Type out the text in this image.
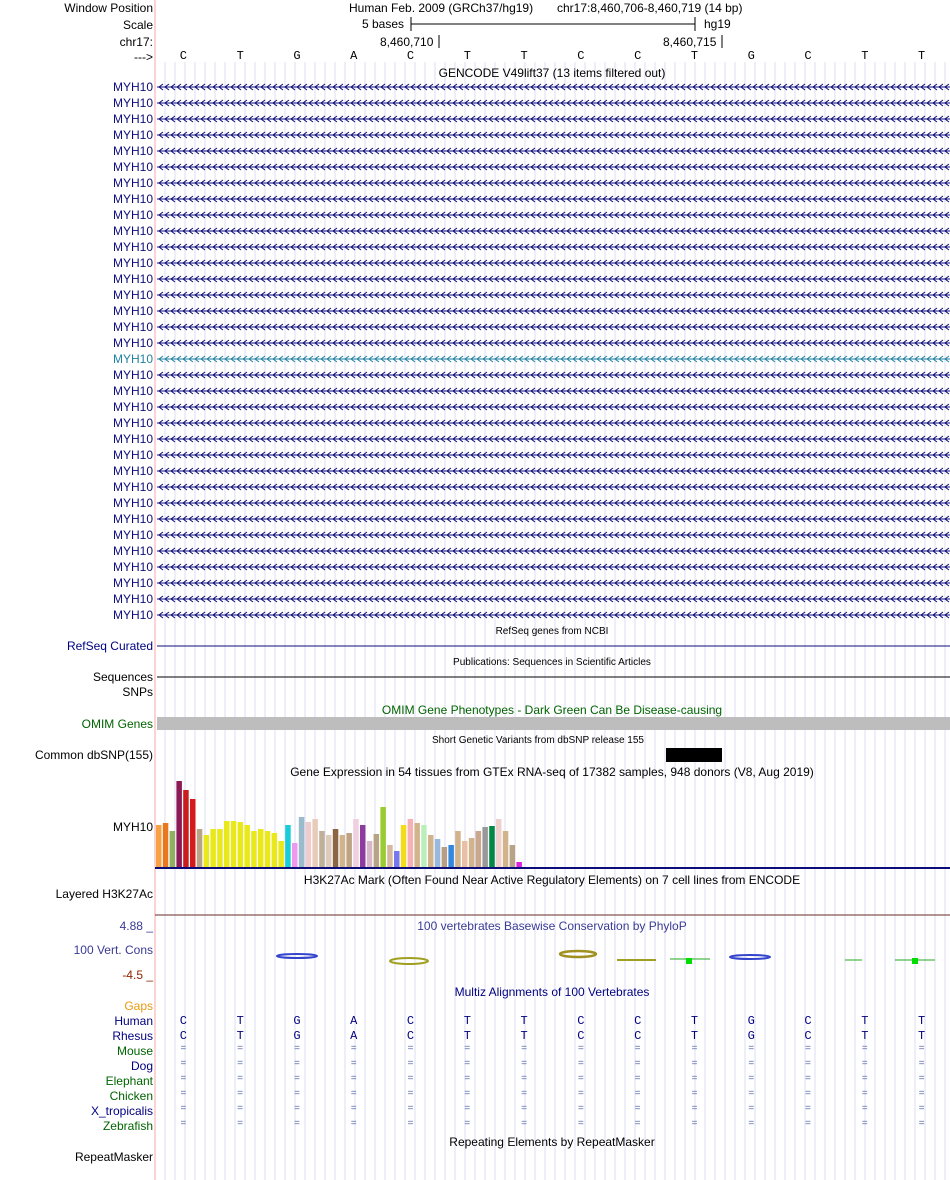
Window Position
Scale
chr17:
--->
Human Feb. 2009 (GRCh37/hg19) chr17:8,460,706-8,460,719 (14 bp)
5 bases	hg19
8,460,710	8,460,715
C	T	G	A	C	T	T	C	C	T	G	C	T	T
GENCODE V49lift37 (13 items filtered out)
MYH10
MYH10
MYH10
MYH10
MYH10
MYH10
MYH10
MYH10
MYH10
MYH10
MYH10
MYH10
MYH10
MYH10
MYH10
MYH10
MYH10
MYH10
MYH10
MYH10
MYH10
MYH10
MYH10
MYH10
MYH10
MYH10
MYH10
MYH10
MYH10
MYH10
MYH10
MYH10
MYH10
MYH10
RefSeq genes from NCBI
RefSeq Curated
Publications: Sequences in Scientific Articles
Sequences
SNPs
OMIM Gene Phenotypes - Dark Green Can Be Disease-causing
OMIM Genes
Short Genetic Variants from dbSNP release 155
Common dbSNP(155)
Gene Expression in 54 tissues from GTEx RNA-seq of 17382 samples, 948 donors (V8, Aug 2019)
MYH10
H3K27Ac Mark (Often Found Near Active Regulatory Elements) on 7 cell lines from ENCODE
Layered H3K27Ac
100 vertebrates Basewise Conservation by PhyloP
100 Vert. Cons
4.88 _
-4.5 _
Multiz Alignments of 100 Vertebrates
Gaps
Human	C	T	G	A	C	T	T	C	C	T	G	C	T	T
Rhesus	C	T	G	A	C	T	T	C	C	T	G	C	T	T
Mouse	=	=	=	=	=	=	=	=	=	=	=	=	=	=
Dog	=	=	=	=	=	=	=	=	=	=	=	=	=	=
Elephant	=	=	=	=	=	=	=	=	=	=	=	=	=	=
Chicken	=	=	=	=	=	=	=	=	=	=	=	=	=	=
X_tropicalis	=	=	=	=	=	=	=	=	=	=	=	=	=	=
Zebrafish	=	=	=	=	=	=	=	=	=	=	=	=	=	=
Repeating Elements by RepeatMasker
RepeatMasker
